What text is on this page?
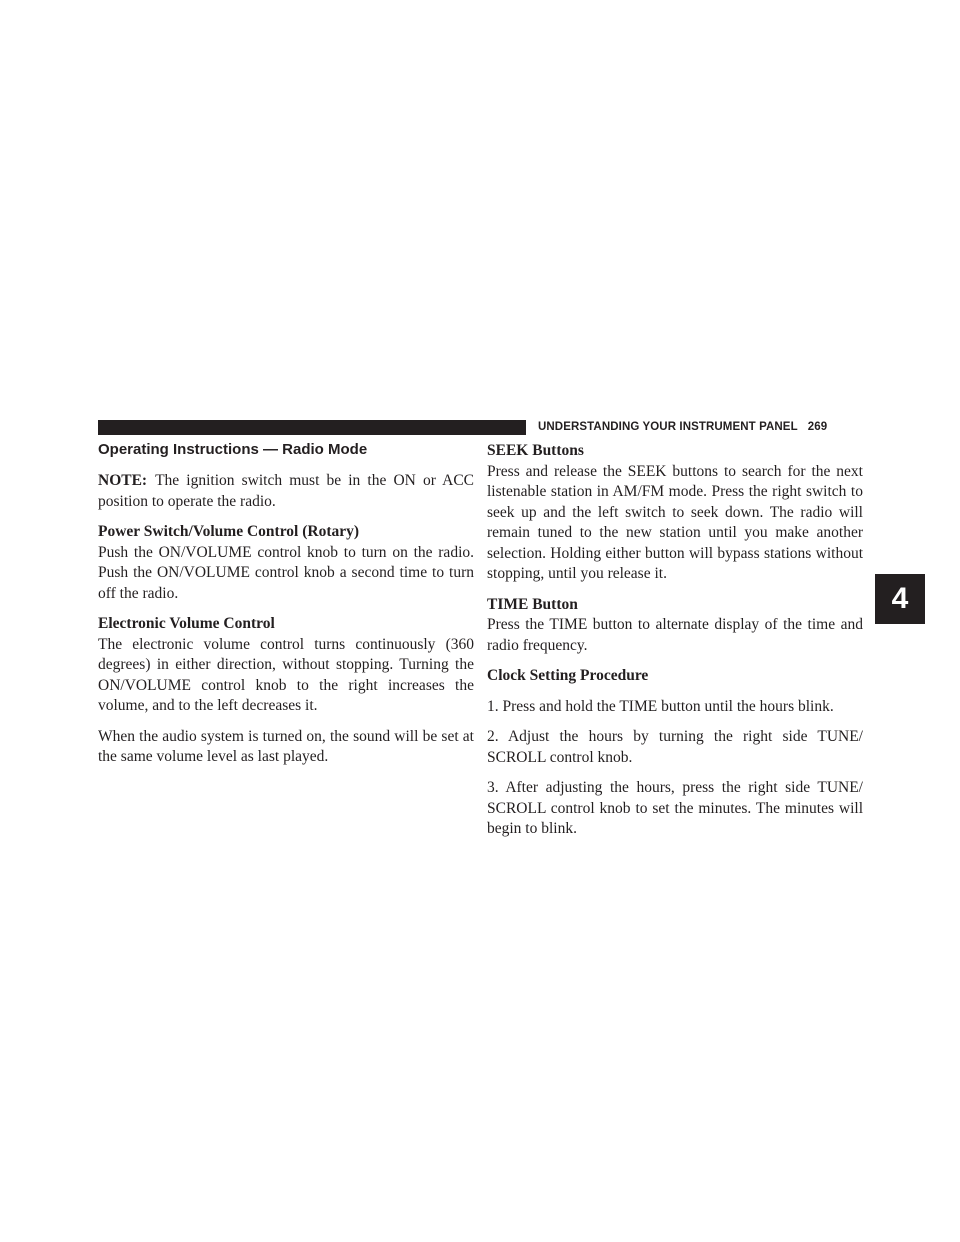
UNDERSTANDING YOUR INSTRUMENT PANEL 269
4
Operating Instructions — Radio Mode

NOTE: The ignition switch must be in the ON or ACC position to operate the radio.

Power Switch/Volume Control (Rotary)

Push the ON/VOLUME control knob to turn on the radio. Push the ON/VOLUME control knob a second time to turn off the radio.

Electronic Volume Control

The electronic volume control turns continuously (360 degrees) in either direction, without stopping. Turning the ON/VOLUME control knob to the right increases the volume, and to the left decreases it.

When the audio system is turned on, the sound will be set at the same volume level as last played.

SEEK Buttons

Press and release the SEEK buttons to search for the next listenable station in AM/FM mode. Press the right switch to seek up and the left switch to seek down. The radio will remain tuned to the new station until you make another selection. Holding either button will bypass stations without stopping, until you release it.

TIME Button

Press the TIME button to alternate display of the time and radio frequency.

Clock Setting Procedure

1. Press and hold the TIME button until the hours blink.

2. Adjust the hours by turning the right side TUNE/ SCROLL control knob.

3. After adjusting the hours, press the right side TUNE/ SCROLL control knob to set the minutes. The minutes will begin to blink.
